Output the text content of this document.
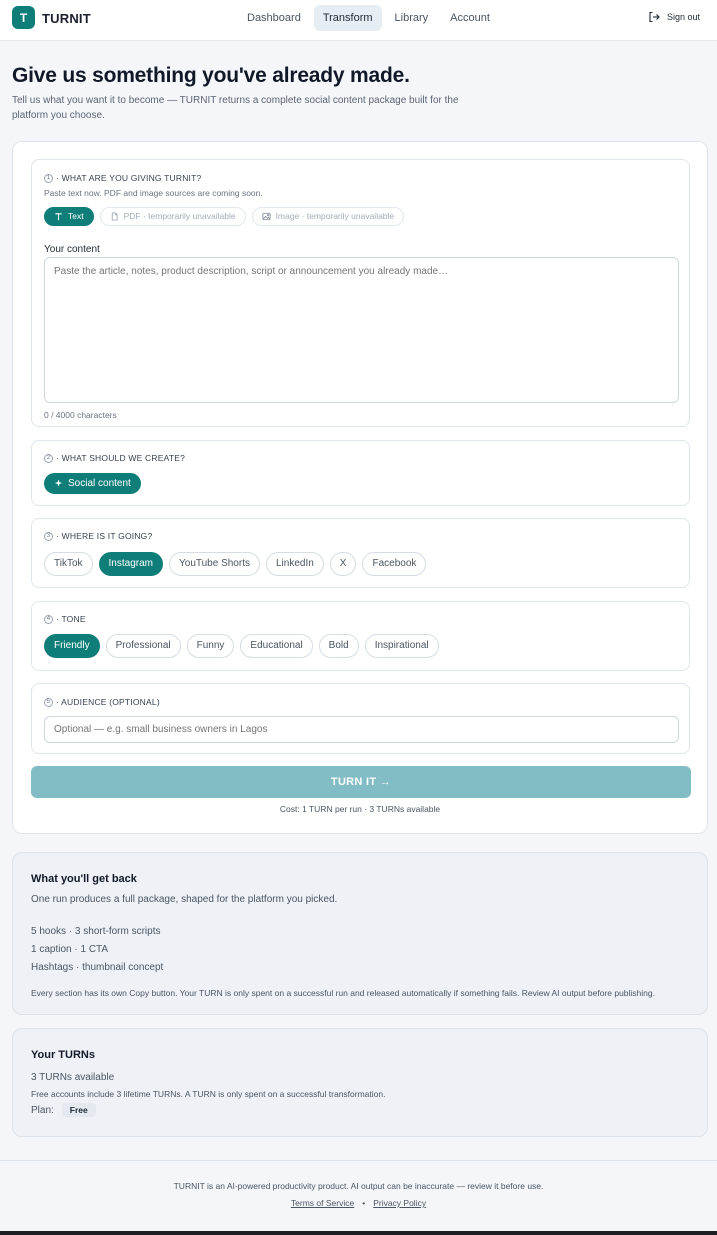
T	TURNIT	Dashboard	Transform	Library	Account	Sign out
Give us something you've already made.
Tell us what you want it to become — TURNIT returns a complete social content package built for the platform you choose.
1 · WHAT ARE YOU GIVING TURNIT?
Paste text now. PDF and image sources are coming soon.
Text	PDF · temporarily unavailable	Image · temporarily unavailable
Your content
Paste the article, notes, product description, script or announcement you already made…
0 / 4000 characters
2 · WHAT SHOULD WE CREATE?
Social content
3 · WHERE IS IT GOING?
TikTok	Instagram	YouTube Shorts	LinkedIn	X	Facebook
4 · TONE
Friendly	Professional	Funny	Educational	Bold	Inspirational
5 · AUDIENCE (OPTIONAL)
Optional — e.g. small business owners in Lagos
TURN IT →
Cost: 1 TURN per run · 3 TURNs available
What you'll get back
One run produces a full package, shaped for the platform you picked.
5 hooks · 3 short-form scripts
1 caption · 1 CTA
Hashtags · thumbnail concept
Every section has its own Copy button. Your TURN is only spent on a successful run and released automatically if something fails. Review AI output before publishing.
Your TURNs
3 TURNs available
Free accounts include 3 lifetime TURNs. A TURN is only spent on a successful transformation.
Plan:	Free
TURNIT is an AI-powered productivity product. AI output can be inaccurate — review it before use.
Terms of Service • Privacy Policy
